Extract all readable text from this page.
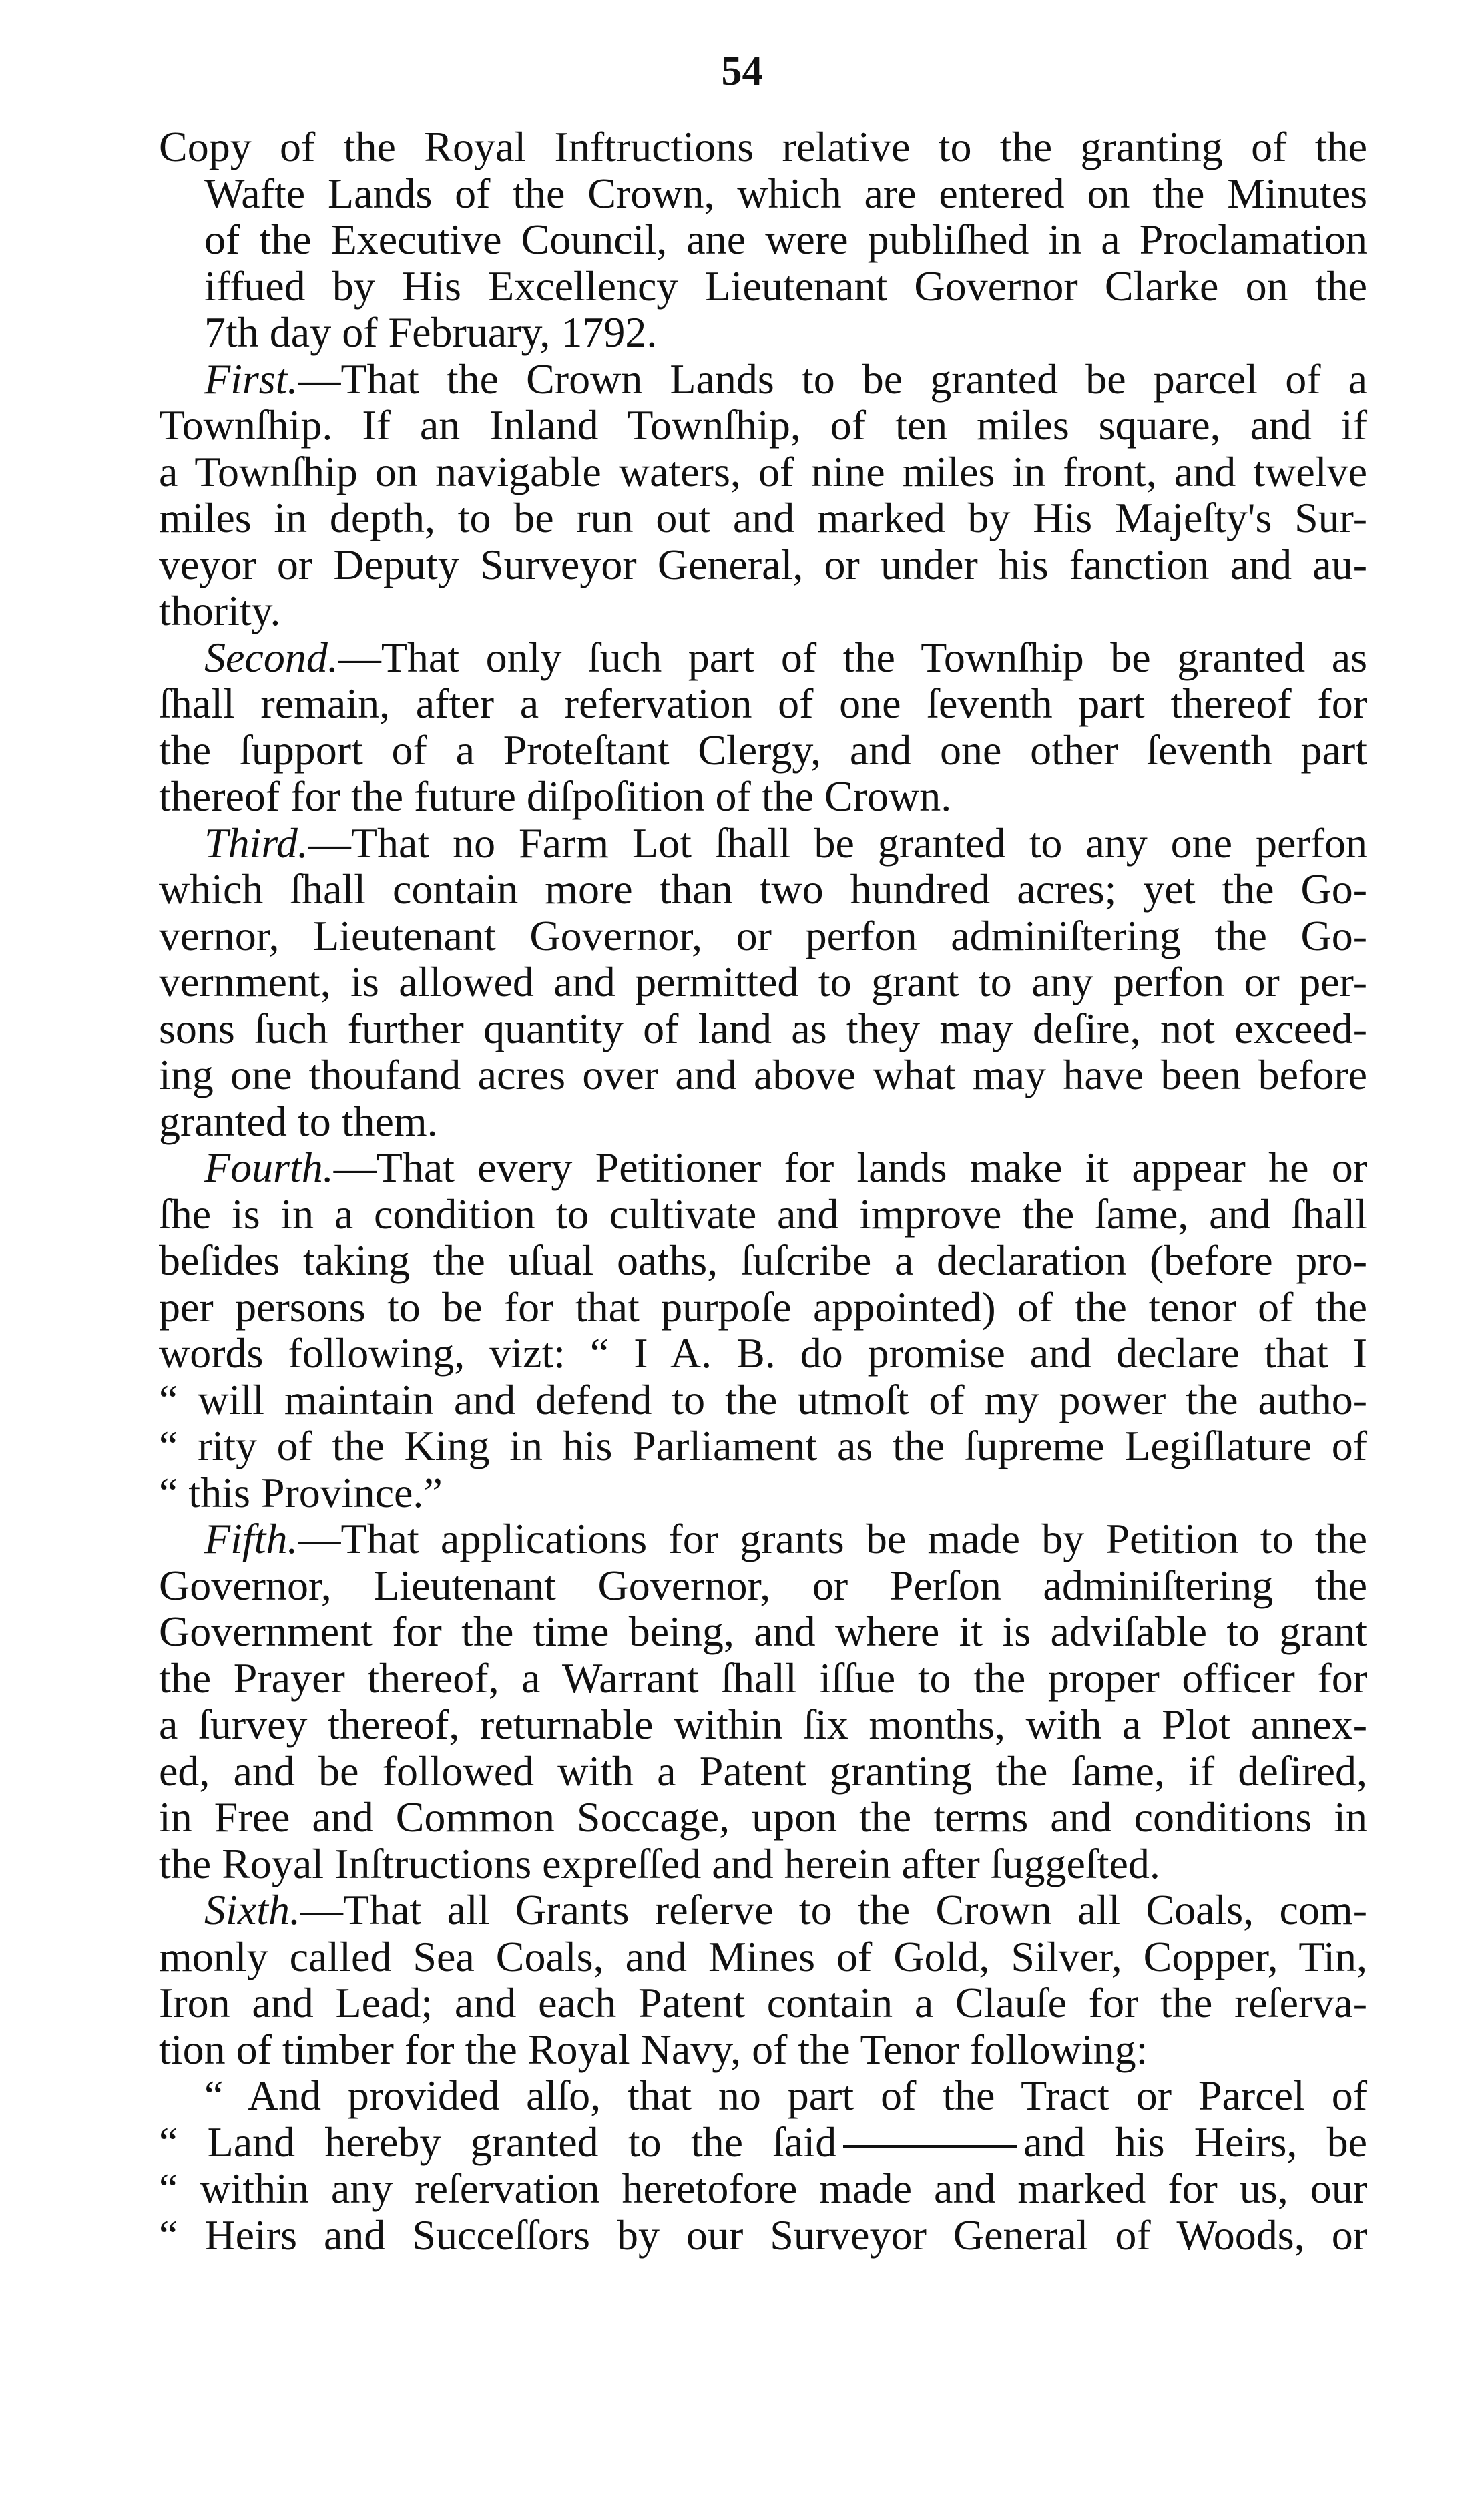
54
Copy of the Royal Inftructions relative to the granting of the
Wafte Lands of the Crown, which are entered on the Minutes
of the Executive Council, ane were publiſhed in a Proclamation
iffued by His Excellency Lieutenant Governor Clarke on the
7th day of February, 1792.
First.—That the Crown Lands to be granted be parcel of a
Townſhip. If an Inland Townſhip, of ten miles square, and if
a Townſhip on navigable waters, of nine miles in front, and twelve
miles in depth, to be run out and marked by His Majeſty's Sur-
veyor or Deputy Surveyor General, or under his fanction and au-
thority.
Second.—That only ſuch part of the Townſhip be granted as
ſhall remain, after a refervation of one ſeventh part thereof for
the ſupport of a Proteſtant Clergy, and one other ſeventh part
thereof for the future diſpoſition of the Crown.
Third.—That no Farm Lot ſhall be granted to any one perfon
which ſhall contain more than two hundred acres; yet the Go-
vernor, Lieutenant Governor, or perfon adminiſtering the Go-
vernment, is allowed and permitted to grant to any perfon or per-
sons ſuch further quantity of land as they may deſire, not exceed-
ing one thoufand acres over and above what may have been before
granted to them.
Fourth.—That every Petitioner for lands make it appear he or
ſhe is in a condition to cultivate and improve the ſame, and ſhall
beſides taking the uſual oaths, ſuſcribe a declaration (before pro-
per persons to be for that purpoſe appointed) of the tenor of the
words following, vizt: “ I A. B. do promise and declare that I
“ will maintain and defend to the utmoſt of my power the autho-
“ rity of the King in his Parliament as the ſupreme Legiſlature of
“ this Province.”
Fifth.—That applications for grants be made by Petition to the
Governor, Lieutenant Governor, or Perſon adminiſtering the
Government for the time being, and where it is adviſable to grant
the Prayer thereof, a Warrant ſhall iſſue to the proper officer for
a ſurvey thereof, returnable within ſix months, with a Plot annex-
ed, and be followed with a Patent granting the ſame, if deſired,
in Free and Common Soccage, upon the terms and conditions in
the Royal Inſtructions expreſſed and herein after ſuggeſted.
Sixth.—That all Grants reſerve to the Crown all Coals, com-
monly called Sea Coals, and Mines of Gold, Silver, Copper, Tin,
Iron and Lead; and each Patent contain a Clauſe for the reſerva-
tion of timber for the Royal Navy, of the Tenor following:
“ And provided alſo, that no part of the Tract or Parcel of
“ Land hereby granted to the ſaid	and his Heirs, be
“ within any reſervation heretofore made and marked for us, our
“ Heirs and Succeſſors by our Surveyor General of Woods, or
